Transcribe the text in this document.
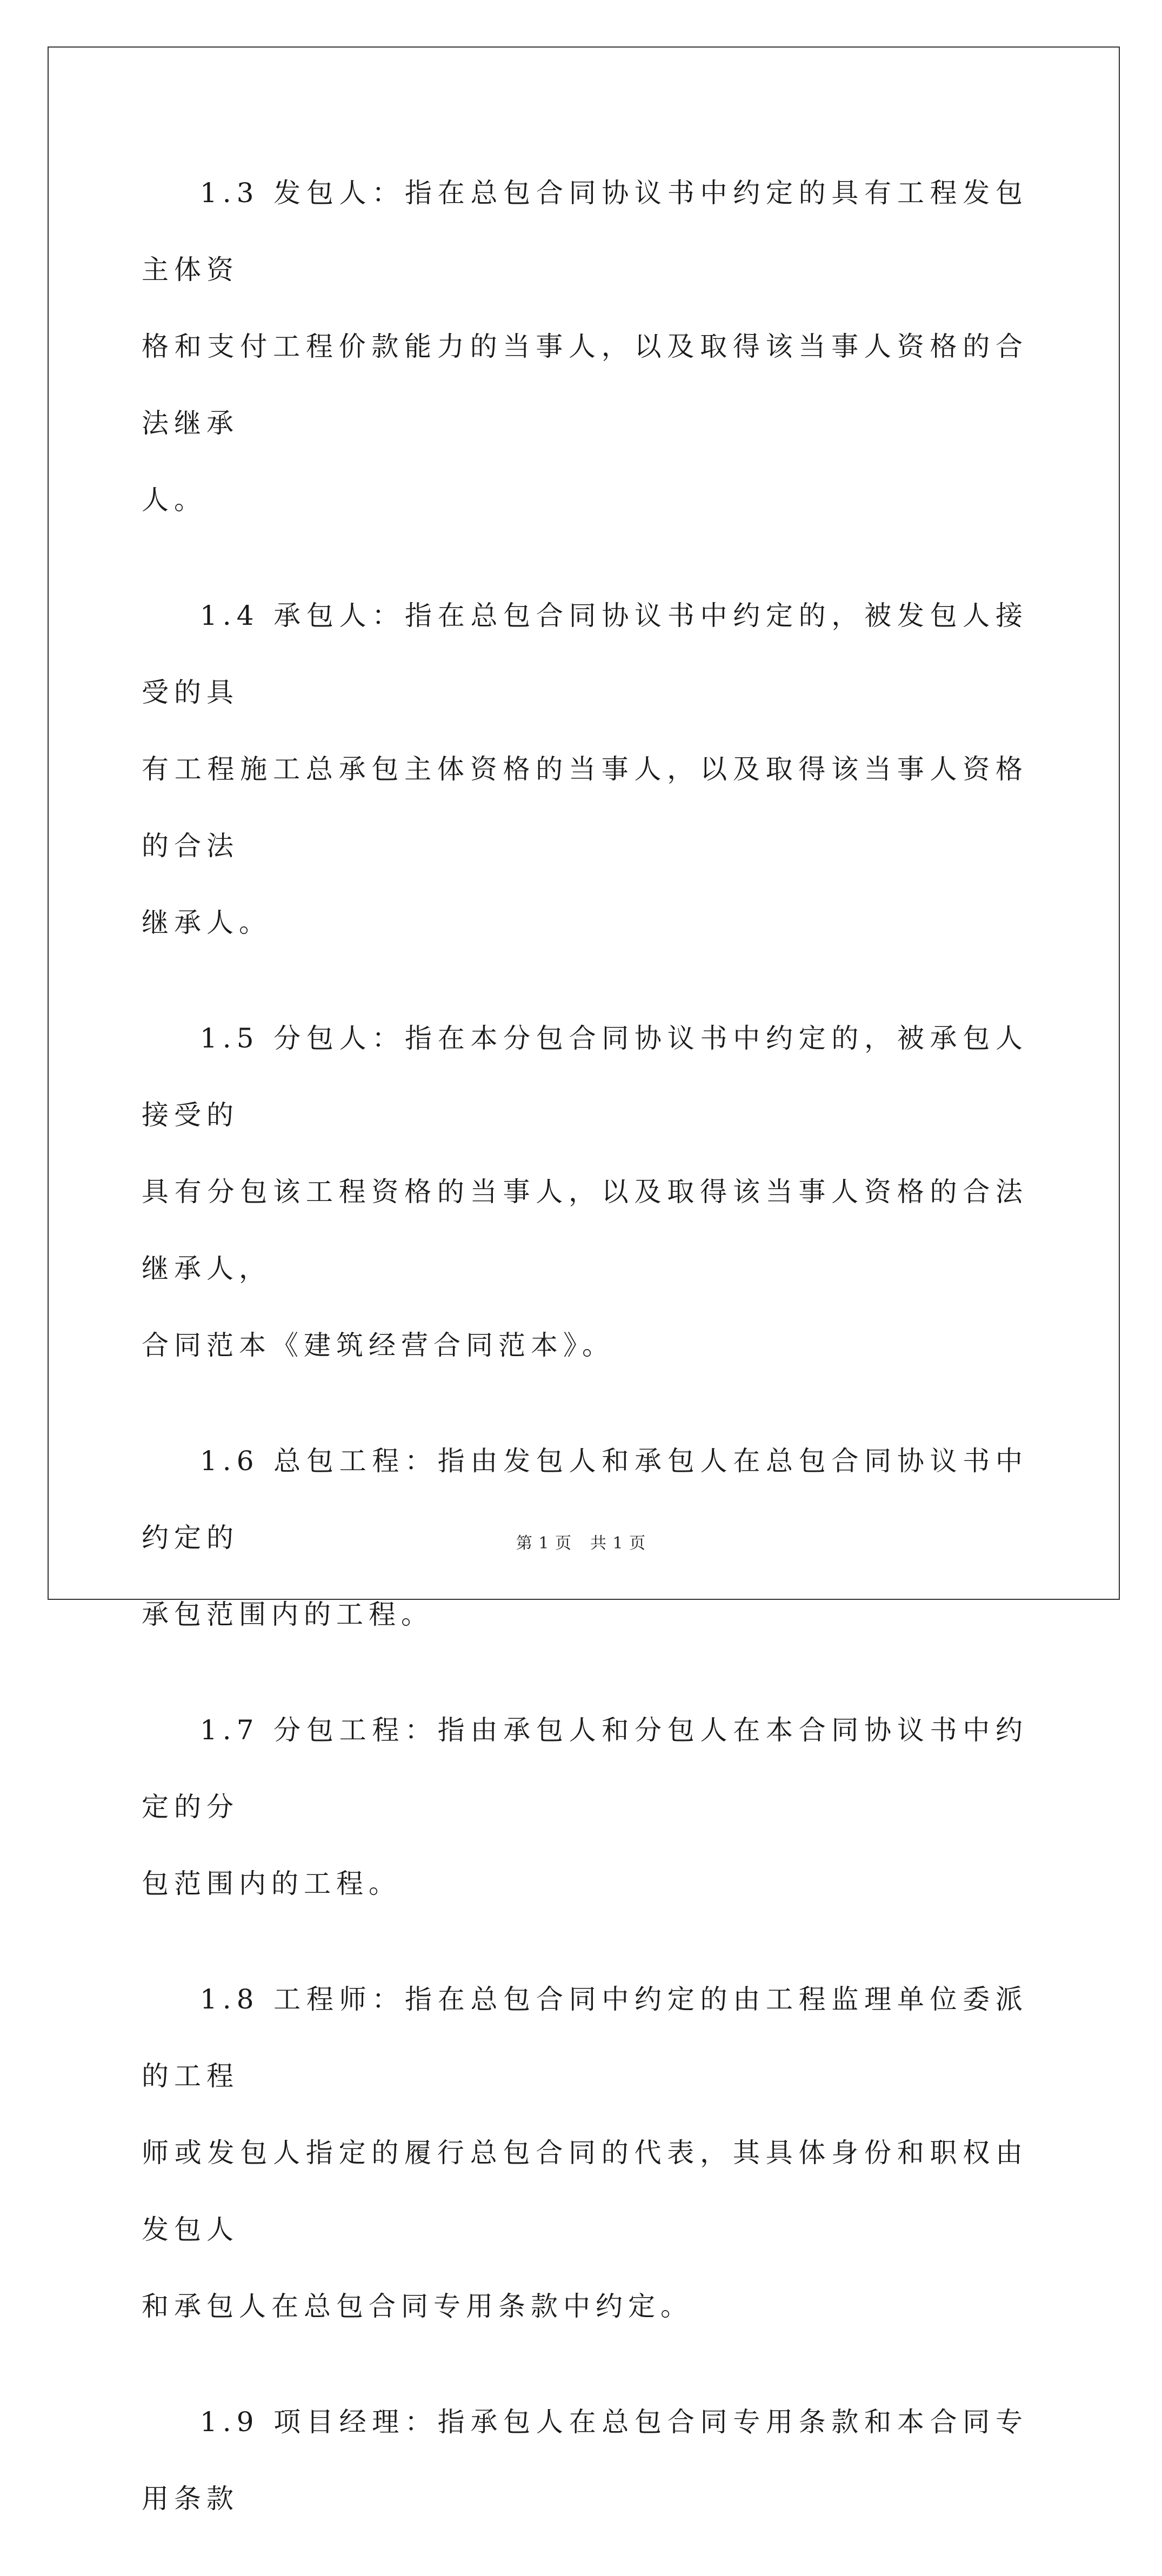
1.3 发包人：指在总包合同协议书中约定的具有工程发包主体资
格和支付工程价款能力的当事人，以及取得该当事人资格的合法继承
人。

1.4 承包人：指在总包合同协议书中约定的，被发包人接受的具
有工程施工总承包主体资格的当事人，以及取得该当事人资格的合法
继承人。

1.5 分包人：指在本分包合同协议书中约定的，被承包人接受的
具有分包该工程资格的当事人，以及取得该当事人资格的合法继承人，
合同范本《建筑经营合同范本》。

1.6 总包工程：指由发包人和承包人在总包合同协议书中约定的
承包范围内的工程。

1.7 分包工程：指由承包人和分包人在本合同协议书中约定的分
包范围内的工程。

1.8 工程师：指在总包合同中约定的由工程监理单位委派的工程
师或发包人指定的履行总包合同的代表，其具体身份和职权由发包人
和承包人在总包合同专用条款中约定。

1.9 项目经理：指承包人在总包合同专用条款和本合同专用条款

第 1 页 共 1 页
